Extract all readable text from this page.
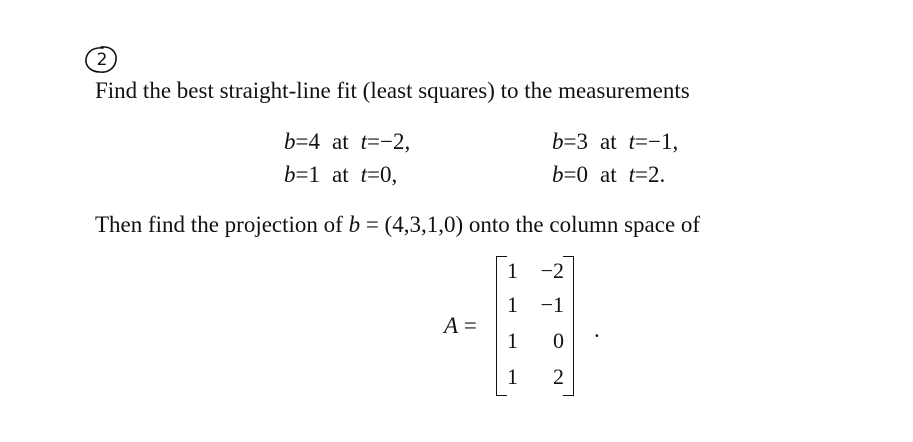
2
Find the best straight-line fit (least squares) to the measurements
b=4 at t=−2,	b=3 at t=−1,
b=1 at t=0,	b=0 at t=2.
Then find the projection of b = (4,3,1,0) onto the column space of
A =
1	−2
1	−1
1	0
1	2
.
